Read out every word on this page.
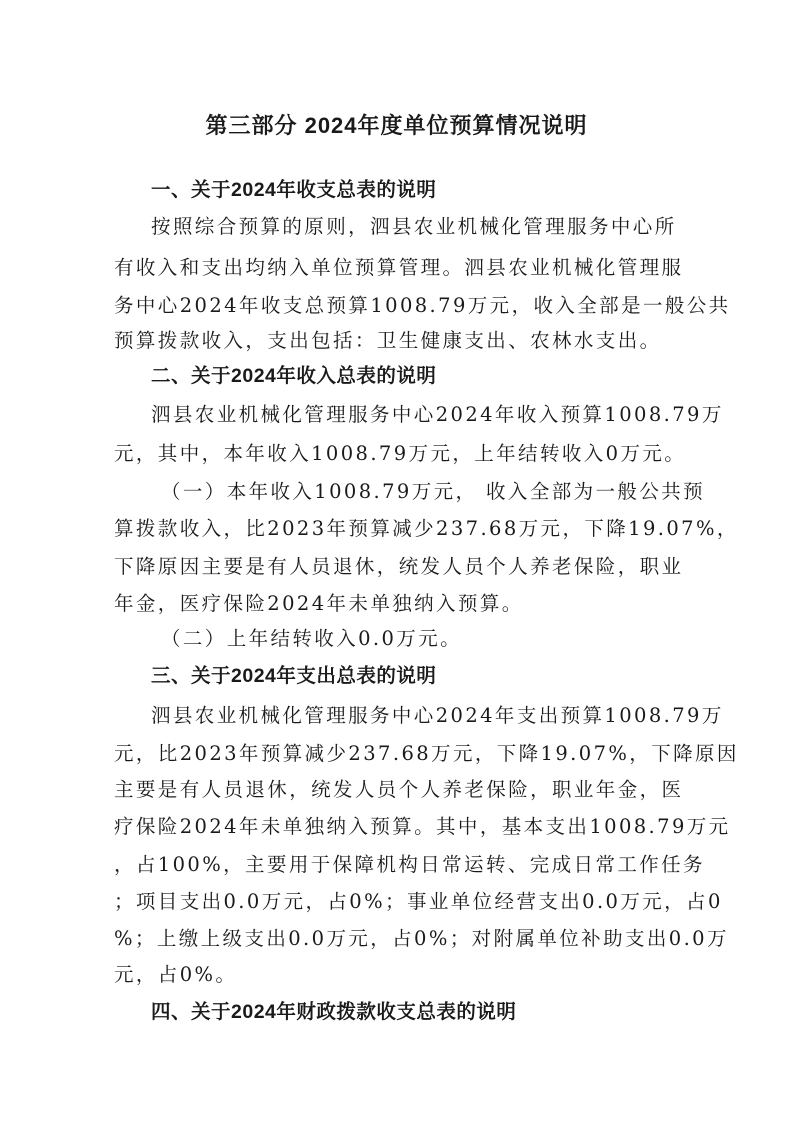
第三部分 2024年度单位预算情况说明
一、关于2024年收支总表的说明
按照综合预算的原则，泗县农业机械化管理服务中心所
有收入和支出均纳入单位预算管理。泗县农业机械化管理服
务中心2024年收支总预算1008.79万元，收入全部是一般公共
预算拨款收入，支出包括：卫生健康支出、农林水支出。
二、关于2024年收入总表的说明
泗县农业机械化管理服务中心2024年收入预算1008.79万
元，其中，本年收入1008.79万元，上年结转收入0万元。
（一）本年收入1008.79万元， 收入全部为一般公共预
算拨款收入，比2023年预算减少237.68万元，下降19.07%，
下降原因主要是有人员退休，统发人员个人养老保险，职业
年金，医疗保险2024年未单独纳入预算。
（二）上年结转收入0.0万元。
三、关于2024年支出总表的说明
泗县农业机械化管理服务中心2024年支出预算1008.79万
元，比2023年预算减少237.68万元，下降19.07%，下降原因
主要是有人员退休，统发人员个人养老保险，职业年金，医
疗保险2024年未单独纳入预算。其中，基本支出1008.79万元
，占100%，主要用于保障机构日常运转、完成日常工作任务
；项目支出0.0万元，占0%；事业单位经营支出0.0万元，占0
%；上缴上级支出0.0万元，占0%；对附属单位补助支出0.0万
元，占0%。
四、关于2024年财政拨款收支总表的说明
